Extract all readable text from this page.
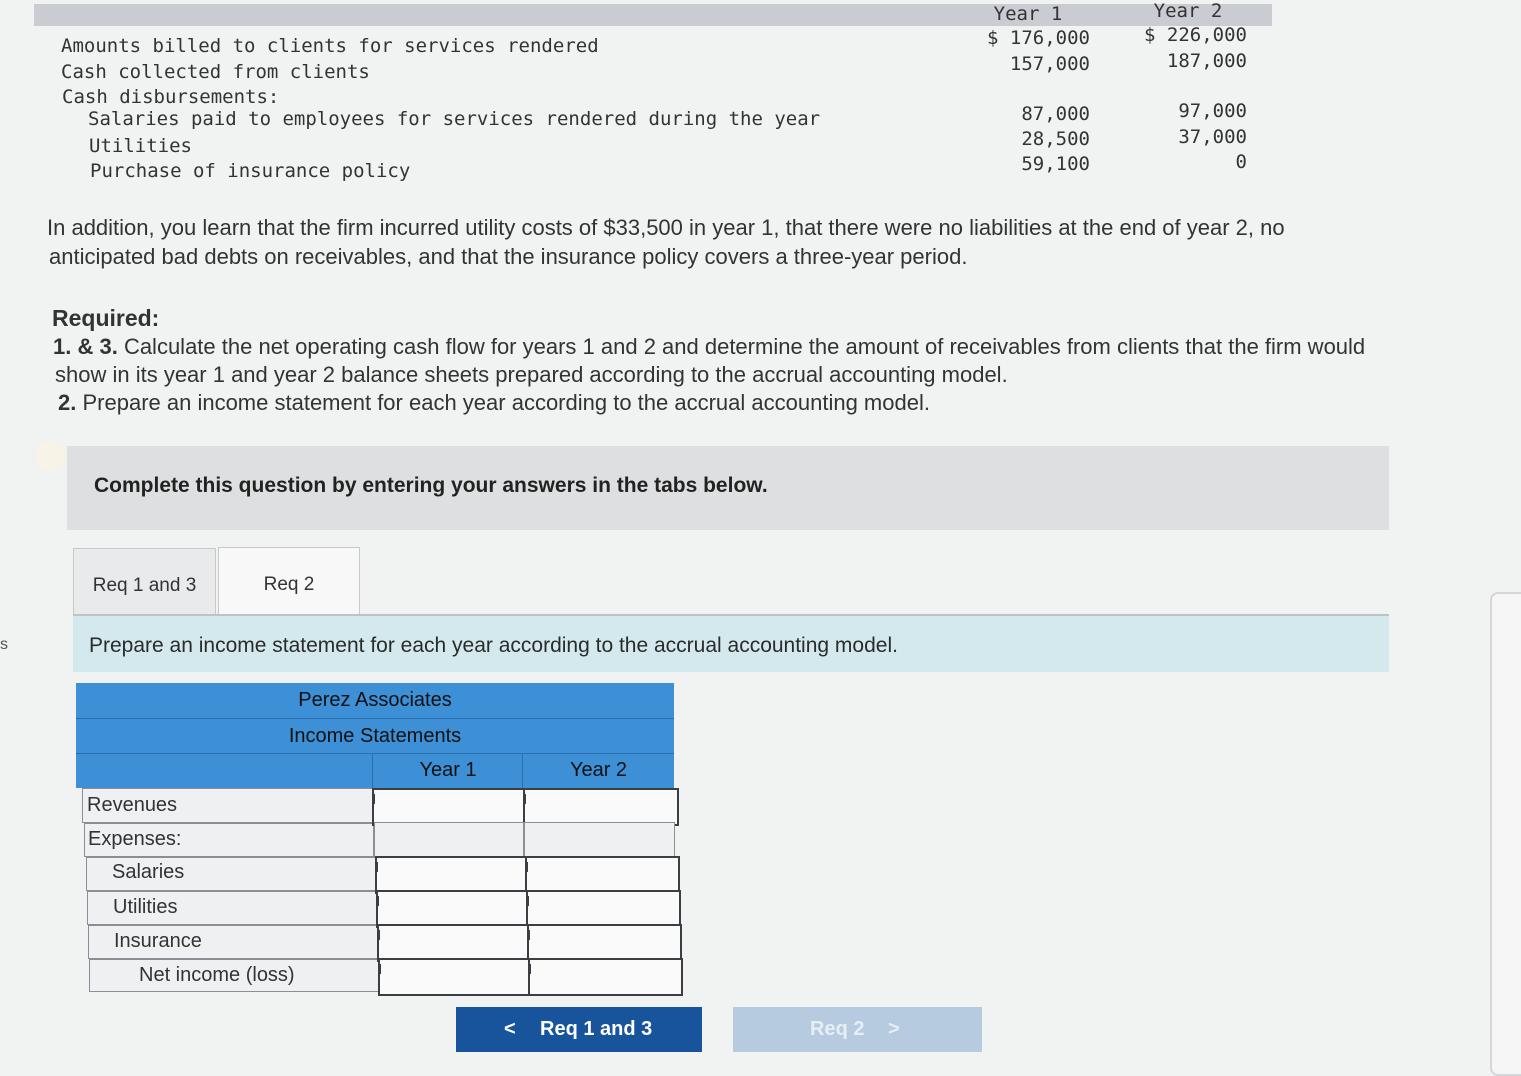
Year 1	Year 2
Amounts billed to clients for services rendered	$ 176,000	$ 226,000
Cash collected from clients	157,000	187,000
Cash disbursements:
Salaries paid to employees for services rendered during the year	87,000	97,000
Utilities	28,500	37,000
Purchase of insurance policy	59,100	0
In addition, you learn that the firm incurred utility costs of $33,500 in year 1, that there were no liabilities at the end of year 2, no
anticipated bad debts on receivables, and that the insurance policy covers a three-year period.
Required:
1. & 3. Calculate the net operating cash flow for years 1 and 2 and determine the amount of receivables from clients that the firm would
show in its year 1 and year 2 balance sheets prepared according to the accrual accounting model.
2. Prepare an income statement for each year according to the accrual accounting model.
Complete this question by entering your answers in the tabs below.
s
Req 1 and 3	Req 2
Prepare an income statement for each year according to the accrual accounting model.
Perez Associates
Income Statements
Year 1	Year 2
Revenues
Expenses:
Salaries
Utilities
Insurance
Net income (loss)
< Req 1 and 3	Req 2 >
